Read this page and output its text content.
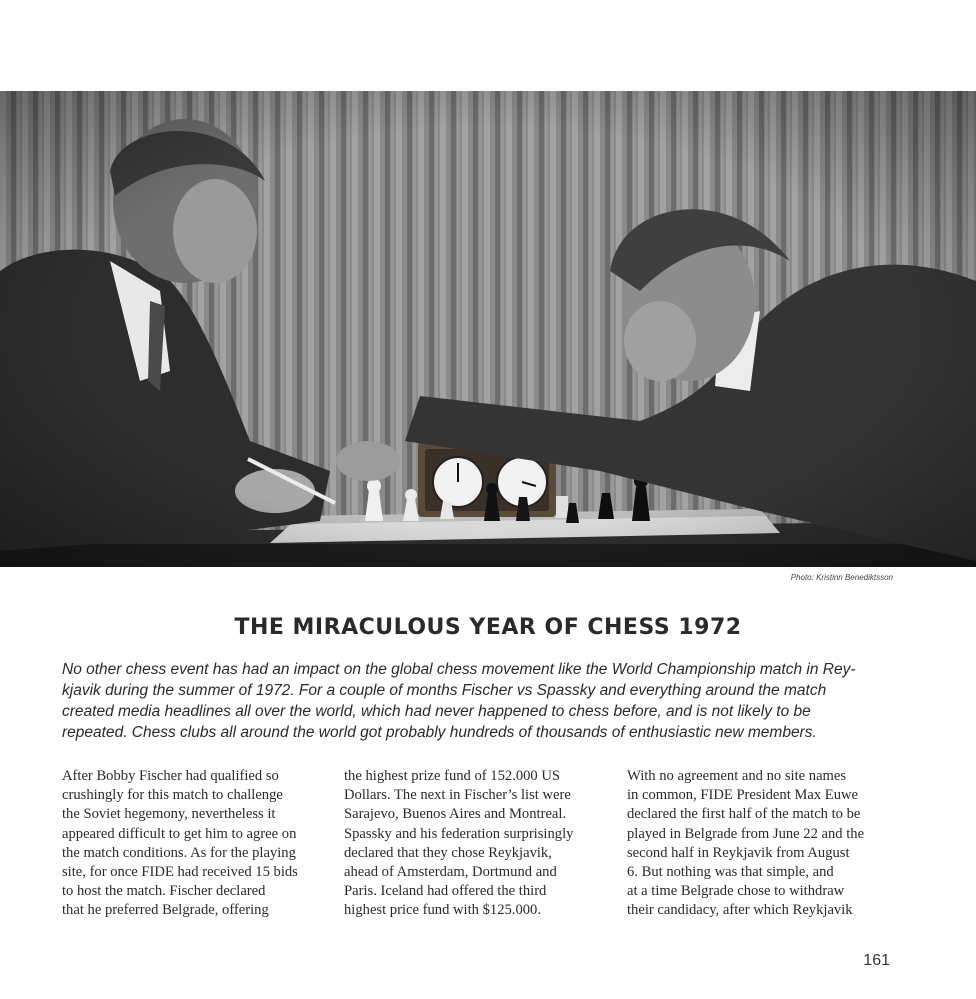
Photo: Kristinn Benediktsson
THE MIRACULOUS YEAR OF CHESS 1972

No other chess event has had an impact on the global chess movement like the World Championship match in Rey-
kjavik during the summer of 1972. For a couple of months Fischer vs Spassky and everything around the match
created media headlines all over the world, which had never happened to chess before, and is not likely to be
repeated. Chess clubs all around the world got probably hundreds of thousands of enthusiastic new members.

After Bobby Fischer had qualified so
crushingly for this match to challenge
the Soviet hegemony, nevertheless it
appeared difficult to get him to agree on
the match conditions. As for the playing
site, for once FIDE had received 15 bids
to host the match. Fischer declared
that he preferred Belgrade, offering
the highest prize fund of 152.000 US
Dollars. The next in Fischer’s list were
Sarajevo, Buenos Aires and Montreal.
Spassky and his federation surprisingly
declared that they chose Reykjavik,
ahead of Amsterdam, Dortmund and
Paris. Iceland had offered the third
highest price fund with $125.000.
With no agreement and no site names
in common, FIDE President Max Euwe
declared the first half of the match to be
played in Belgrade from June 22 and the
second half in Reykjavik from August
6. But nothing was that simple, and
at a time Belgrade chose to withdraw
their candidacy, after which Reykjavik
161
